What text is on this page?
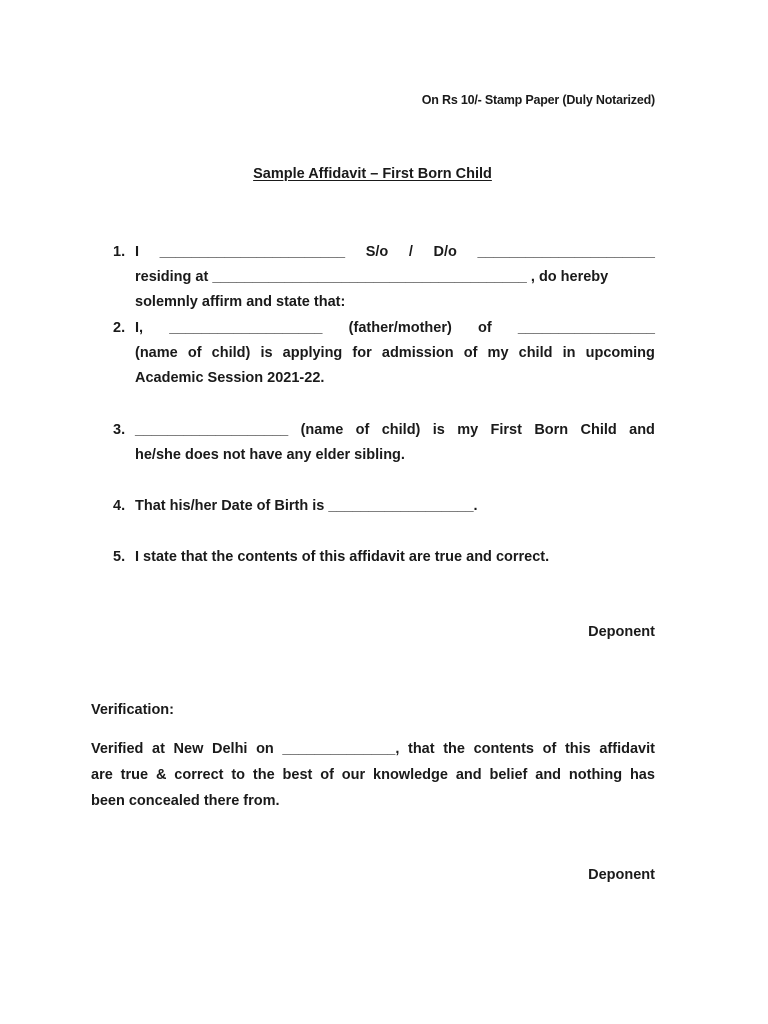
On Rs 10/- Stamp Paper (Duly Notarized)
Sample Affidavit – First Born Child
1. I _______________________ S/o / D/o ______________________
residing at _______________________________________ , do hereby
solemnly affirm and state that:
2. I, ___________________ (father/mother) of _________________
(name of child) is applying for admission of my child in upcoming
Academic Session 2021-22.
3. ___________________ (name of child) is my First Born Child and
he/she does not have any elder sibling.
4. That his/her Date of Birth is __________________.
5. I state that the contents of this affidavit are true and correct.
Deponent
Verification:
Verified at New Delhi on ______________, that the contents of this affidavit
are true & correct to the best of our knowledge and belief and nothing has
been concealed there from.
Deponent
